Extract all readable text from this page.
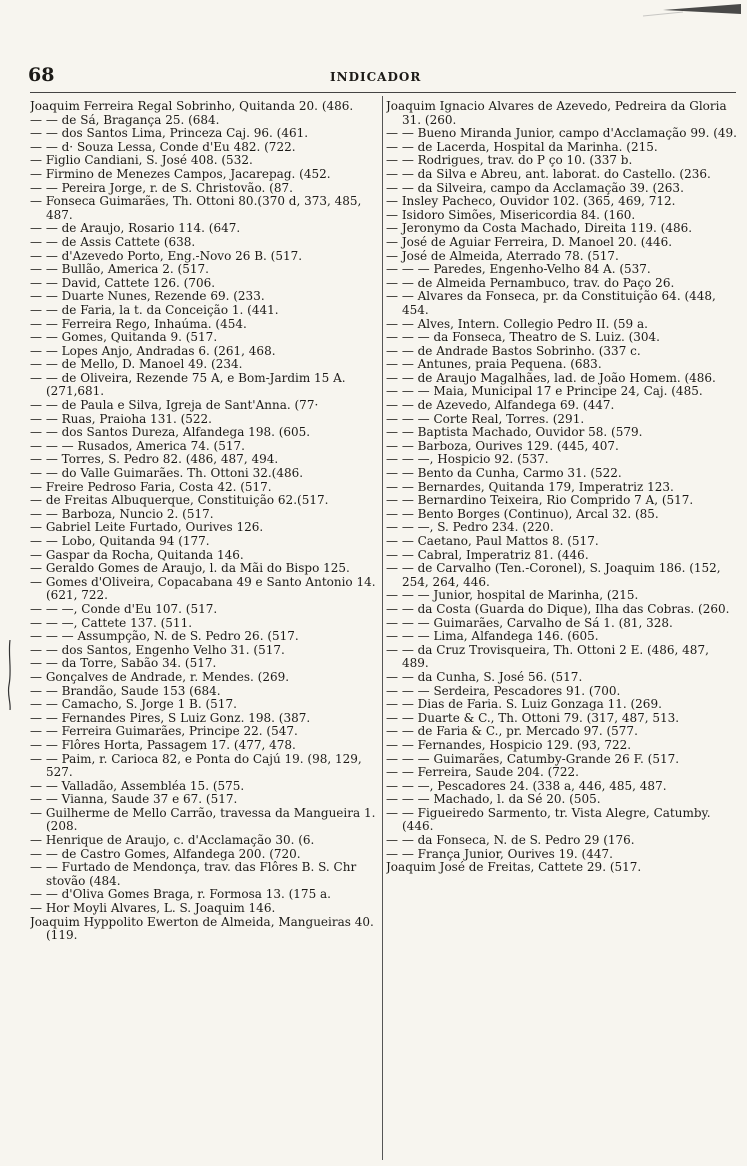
68	INDICADOR

Joaquim Ferreira Regal Sobrinho, Quitanda 20. (486.

— — de Sá, Bragança 25. (684.

— — dos Santos Lima, Princeza Caj. 96. (461.

— — d· Souza Lessa, Conde d'Eu 482. (722.

— Figlio Candiani, S. José 408. (532.

— Firmino de Menezes Campos, Jacarepag. (452.

— — Pereira Jorge, r. de S. Christovão. (87.

— Fonseca Guimarães, Th. Ottoni 80.(370 d, 373, 485, 487.

— — de Araujo, Rosario 114. (647.

— — de Assis Cattete (638.

— — d'Azevedo Porto, Eng.-Novo 26 B. (517.

— — Bullão, America 2. (517.

— — David, Cattete 126. (706.

— — Duarte Nunes, Rezende 69. (233.

— — de Faria, la t. da Conceição 1. (441.

— — Ferreira Rego, Inhaúma. (454.

— — Gomes, Quitanda 9. (517.

— — Lopes Anjo, Andradas 6. (261, 468.

— — de Mello, D. Manoel 49. (234.

— — de Oliveira, Rezende 75 A, e Bom-Jardim 15 A. (271,681.

— — de Paula e Silva, Igreja de Sant'Anna. (77·

— — Ruas, Praioha 131. (522.

— — dos Santos Dureza, Alfandega 198. (605.

— — — Rusados, America 74. (517.

— — Torres, S. Pedro 82. (486, 487, 494.

— — do Valle Guimarães. Th. Ottoni 32.(486.

— Freire Pedroso Faria, Costa 42. (517.

— de Freitas Albuquerque, Constituição 62.(517.

— — Barboza, Nuncio 2. (517.

— Gabriel Leite Furtado, Ourives 126.

— — Lobo, Quitanda 94 (177.

— Gaspar da Rocha, Quitanda 146.

— Geraldo Gomes de Araujo, l. da Mãi do Bispo 125.

— Gomes d'Oliveira, Copacabana 49 e Santo Antonio 14. (621, 722.

— — —, Conde d'Eu 107. (517.

— — —, Cattete 137. (511.

— — — Assumpção, N. de S. Pedro 26. (517.

— — dos Santos, Engenho Velho 31. (517.

— — da Torre, Sabão 34. (517.

— Gonçalves de Andrade, r. Mendes. (269.

— — Brandão, Saude 153 (684.

— — Camacho, S. Jorge 1 B. (517.

— — Fernandes Pires, S Luiz Gonz. 198. (387.

— — Ferreira Guimarães, Principe 22. (547.

— — Flôres Horta, Passagem 17. (477, 478.

— — Paim, r. Carioca 82, e Ponta do Cajú 19. (98, 129, 527.

— — Valladão, Assembléa 15. (575.

— — Vianna, Saude 37 e 67. (517.

— Guilherme de Mello Carrão, travessa da Mangueira 1. (208.

— Henrique de Araujo, c. d'Acclamação 30. (6.

— — de Castro Gomes, Alfandega 200. (720.

— — Furtado de Mendonça, trav. das Flôres B. S. Chr stovão (484.

— — d'Oliva Gomes Braga, r. Formosa 13. (175 a.

— Hor Moyli Alvares, L. S. Joaquim 146.

Joaquim Hyppolito Ewerton de Almeida, Mangueiras 40. (119.

Joaquim Ignacio Alvares de Azevedo, Pedreira da Gloria 31. (260.

— — Bueno Miranda Junior, campo d'Acclamação 99. (49.

— — de Lacerda, Hospital da Marinha. (215.

— — Rodrigues, trav. do P ço 10. (337 b.

— — da Silva e Abreu, ant. laborat. do Castello. (236.

— — da Silveira, campo da Acclamação 39. (263.

— Insley Pacheco, Ouvidor 102. (365, 469, 712.

— Isidoro Simões, Misericordia 84. (160.

— Jeronymo da Costa Machado, Direita 119. (486.

— José de Aguiar Ferreira, D. Manoel 20. (446.

— José de Almeida, Aterrado 78. (517.

— — — Paredes, Engenho-Velho 84 A. (537.

— — de Almeida Pernambuco, trav. do Paço 26.

— — Alvares da Fonseca, pr. da Constituição 64. (448, 454.

— — Alves, Intern. Collegio Pedro II. (59 a.

— — — da Fonseca, Theatro de S. Luiz. (304.

— — de Andrade Bastos Sobrinho. (337 c.

— — Antunes, praia Pequena. (683.

— — de Araujo Magalhães, lad. de João Homem. (486.

— — — Maia, Municipal 17 e Principe 24, Caj. (485.

— — de Azevedo, Alfandega 69. (447.

— — — Corte Real, Torres. (291.

— — Baptista Machado, Ouvidor 58. (579.

— — Barboza, Ourives 129. (445, 407.

— — —, Hospicio 92. (537.

— — Bento da Cunha, Carmo 31. (522.

— — Bernardes, Quitanda 179, Imperatriz 123.

— — Bernardino Teixeira, Rio Comprido 7 A, (517.

— — Bento Borges (Continuo), Arcal 32. (85.

— — —, S. Pedro 234. (220.

— — Caetano, Paul Mattos 8. (517.

— — Cabral, Imperatriz 81. (446.

— — de Carvalho (Ten.-Coronel), S. Joaquim 186. (152, 254, 264, 446.

— — — Junior, hospital de Marinha, (215.

— — da Costa (Guarda do Dique), Ilha das Cobras. (260.

— — — Guimarães, Carvalho de Sá 1. (81, 328.

— — — Lima, Alfandega 146. (605.

— — da Cruz Trovisqueira, Th. Ottoni 2 E. (486, 487, 489.

— — da Cunha, S. José 56. (517.

— — — Serdeira, Pescadores 91. (700.

— — Dias de Faria. S. Luiz Gonzaga 11. (269.

— — Duarte & C., Th. Ottoni 79. (317, 487, 513.

— — de Faria & C., pr. Mercado 97. (577.

— — Fernandes, Hospicio 129. (93, 722.

— — — Guimarães, Catumby-Grande 26 F. (517.

— — Ferreira, Saude 204. (722.

— — —, Pescadores 24. (338 a, 446, 485, 487.

— — — Machado, l. da Sé 20. (505.

— — Figueiredo Sarmento, tr. Vista Alegre, Catumby. (446.

— — da Fonseca, N. de S. Pedro 29 (176.

— — França Junior, Ourives 19. (447.

Joaquim José de Freitas, Cattete 29. (517.
